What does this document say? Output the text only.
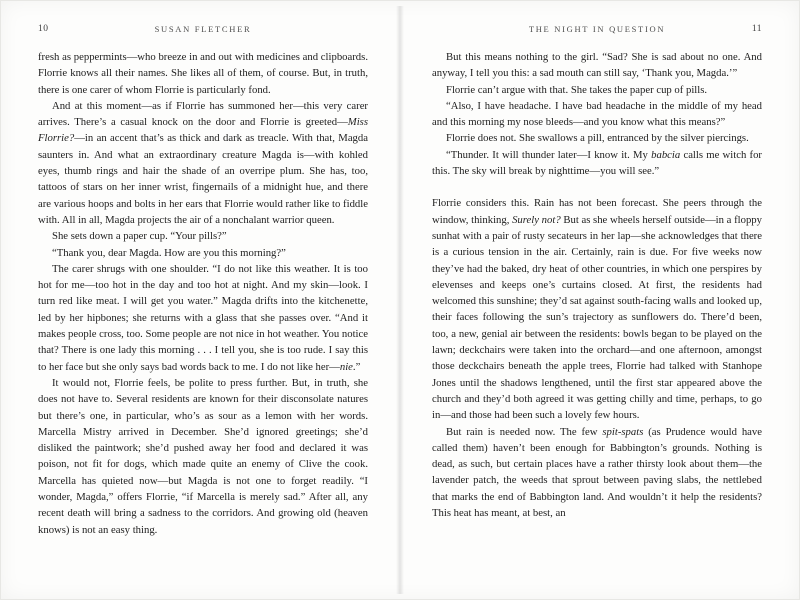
10	SUSAN FLETCHER

fresh as peppermints—who breeze in and out with medicines and clipboards. Florrie knows all their names. She likes all of them, of course. But, in truth, there is one carer of whom Florrie is particularly fond.

And at this moment—as if Florrie has summoned her—this very carer arrives. There’s a casual knock on the door and Florrie is greeted—Miss Florrie?—in an accent that’s as thick and dark as treacle. With that, Magda saunters in. And what an extraordinary creature Magda is—with kohled eyes, thumb rings and hair the shade of an overripe plum. She has, too, tattoos of stars on her inner wrist, fingernails of a midnight hue, and there are various hoops and bolts in her ears that Florrie would rather like to fiddle with. All in all, Magda projects the air of a nonchalant warrior queen.

She sets down a paper cup. “Your pills?”

“Thank you, dear Magda. How are you this morning?”

The carer shrugs with one shoulder. “I do not like this weather. It is too hot for me—too hot in the day and too hot at night. And my skin—look. I turn red like meat. I will get you water.” Magda drifts into the kitchenette, led by her hipbones; she returns with a glass that she passes over. “And it makes people cross, too. Some people are not nice in hot weather. You notice that? There is one lady this morning . . . I tell you, she is too rude. I say this to her face but she only says bad words back to me. I do not like her—nie.”

It would not, Florrie feels, be polite to press further. But, in truth, she does not have to. Several residents are known for their disconsolate natures but there’s one, in particular, who’s as sour as a lemon with her words. Marcella Mistry arrived in December. She’d ignored greetings; she’d disliked the paintwork; she’d pushed away her food and declared it was poison, not fit for dogs, which made quite an enemy of Clive the cook. Marcella has quieted now—but Magda is not one to forget readily. “I wonder, Magda,” offers Florrie, “if Marcella is merely sad.” After all, any recent death will bring a sadness to the corridors. And growing old (heaven knows) is not an easy thing.

THE NIGHT IN QUESTION	11

But this means nothing to the girl. “Sad? She is sad about no one. And anyway, I tell you this: a sad mouth can still say, ‘Thank you, Magda.’”

Florrie can’t argue with that. She takes the paper cup of pills.

“Also, I have headache. I have bad headache in the middle of my head and this morning my nose bleeds—and you know what this means?”

Florrie does not. She swallows a pill, entranced by the silver piercings.

“Thunder. It will thunder later—I know it. My babcia calls me witch for this. The sky will break by nighttime—you will see.”

Florrie considers this. Rain has not been forecast. She peers through the window, thinking, Surely not? But as she wheels herself outside—in a floppy sunhat with a pair of rusty secateurs in her lap—she acknowledges that there is a curious tension in the air. Certainly, rain is due. For five weeks now they’ve had the baked, dry heat of other countries, in which one perspires by elevenses and keeps one’s curtains closed. At first, the residents had welcomed this sunshine; they’d sat against south-facing walls and looked up, their faces following the sun’s trajectory as sunflowers do. There’d been, too, a new, genial air between the residents: bowls began to be played on the lawn; deckchairs were taken into the orchard—and one afternoon, amongst those deckchairs beneath the apple trees, Florrie had talked with Stanhope Jones until the shadows lengthened, until the first star appeared above the church and they’d both agreed it was getting chilly and time, perhaps, to go in—and those had been such a lovely few hours.

But rain is needed now. The few spit-spats (as Prudence would have called them) haven’t been enough for Babbington’s grounds. Nothing is dead, as such, but certain places have a rather thirsty look about them—the lavender patch, the weeds that sprout between paving slabs, the nettlebed that marks the end of Babbington land. And wouldn’t it help the residents? This heat has meant, at best, an
